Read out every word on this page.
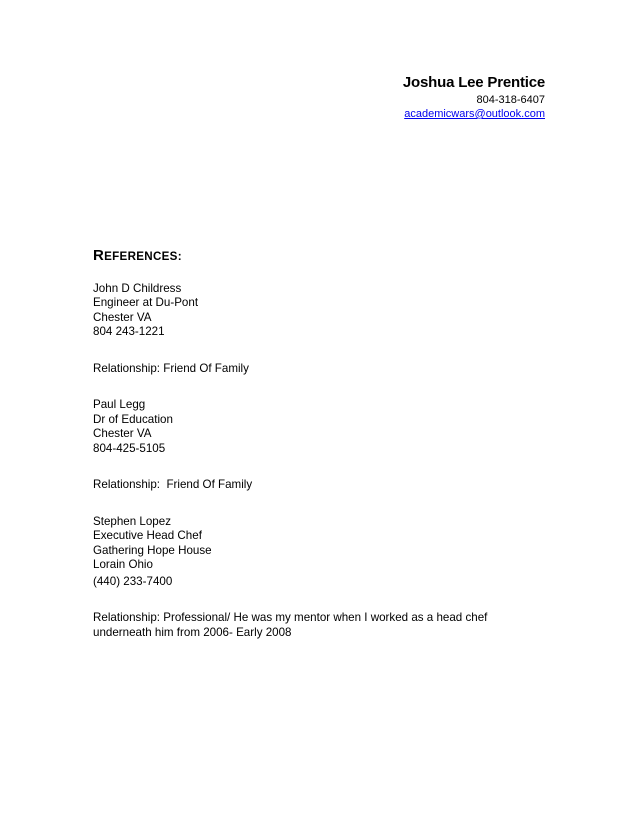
Joshua Lee Prentice
804-318-6407
academicwars@outlook.com
REFERENCES:
John D Childress
Engineer at Du-Pont
Chester VA
804 243-1221
Relationship: Friend Of Family
Paul Legg
Dr of Education
Chester VA
804-425-5105
Relationship:  Friend Of Family
Stephen Lopez
Executive Head Chef
Gathering Hope House
Lorain Ohio
(440) 233-7400
Relationship: Professional/ He was my mentor when I worked as a head chef
underneath him from 2006- Early 2008
